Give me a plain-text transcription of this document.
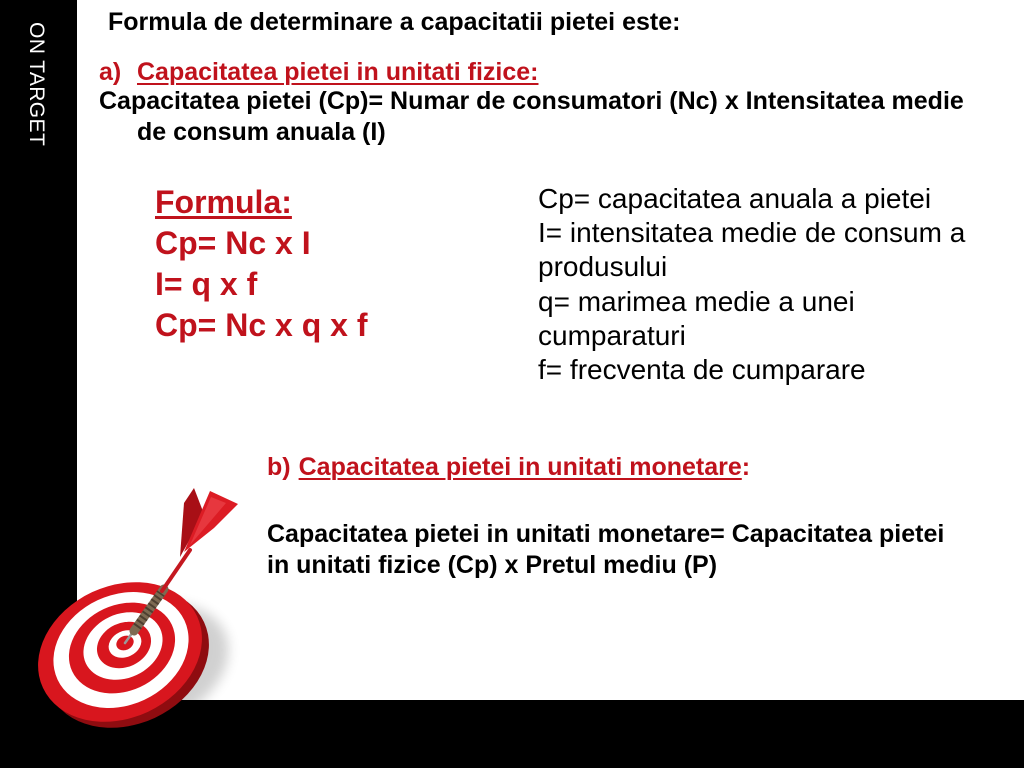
ON TARGET Formula de determinare a capacitatii pietei este:
a) Capacitatea pietei in unitati fizice:
Capacitatea pietei (Cp)= Numar de consumatori (Nc) x Intensitatea medie de consum anuala (I)
Formula:
Cp= Nc x I
I= q x f
Cp= Nc x q x f
Cp= capacitatea anuala a pietei
I= intensitatea medie de consum a produsului
q= marimea medie a unei cumparaturi
f= frecventa de cumparare
b) Capacitatea pietei in unitati monetare:
Capacitatea pietei in unitati monetare= Capacitatea pietei in unitati fizice (Cp) x Pretul mediu (P)
